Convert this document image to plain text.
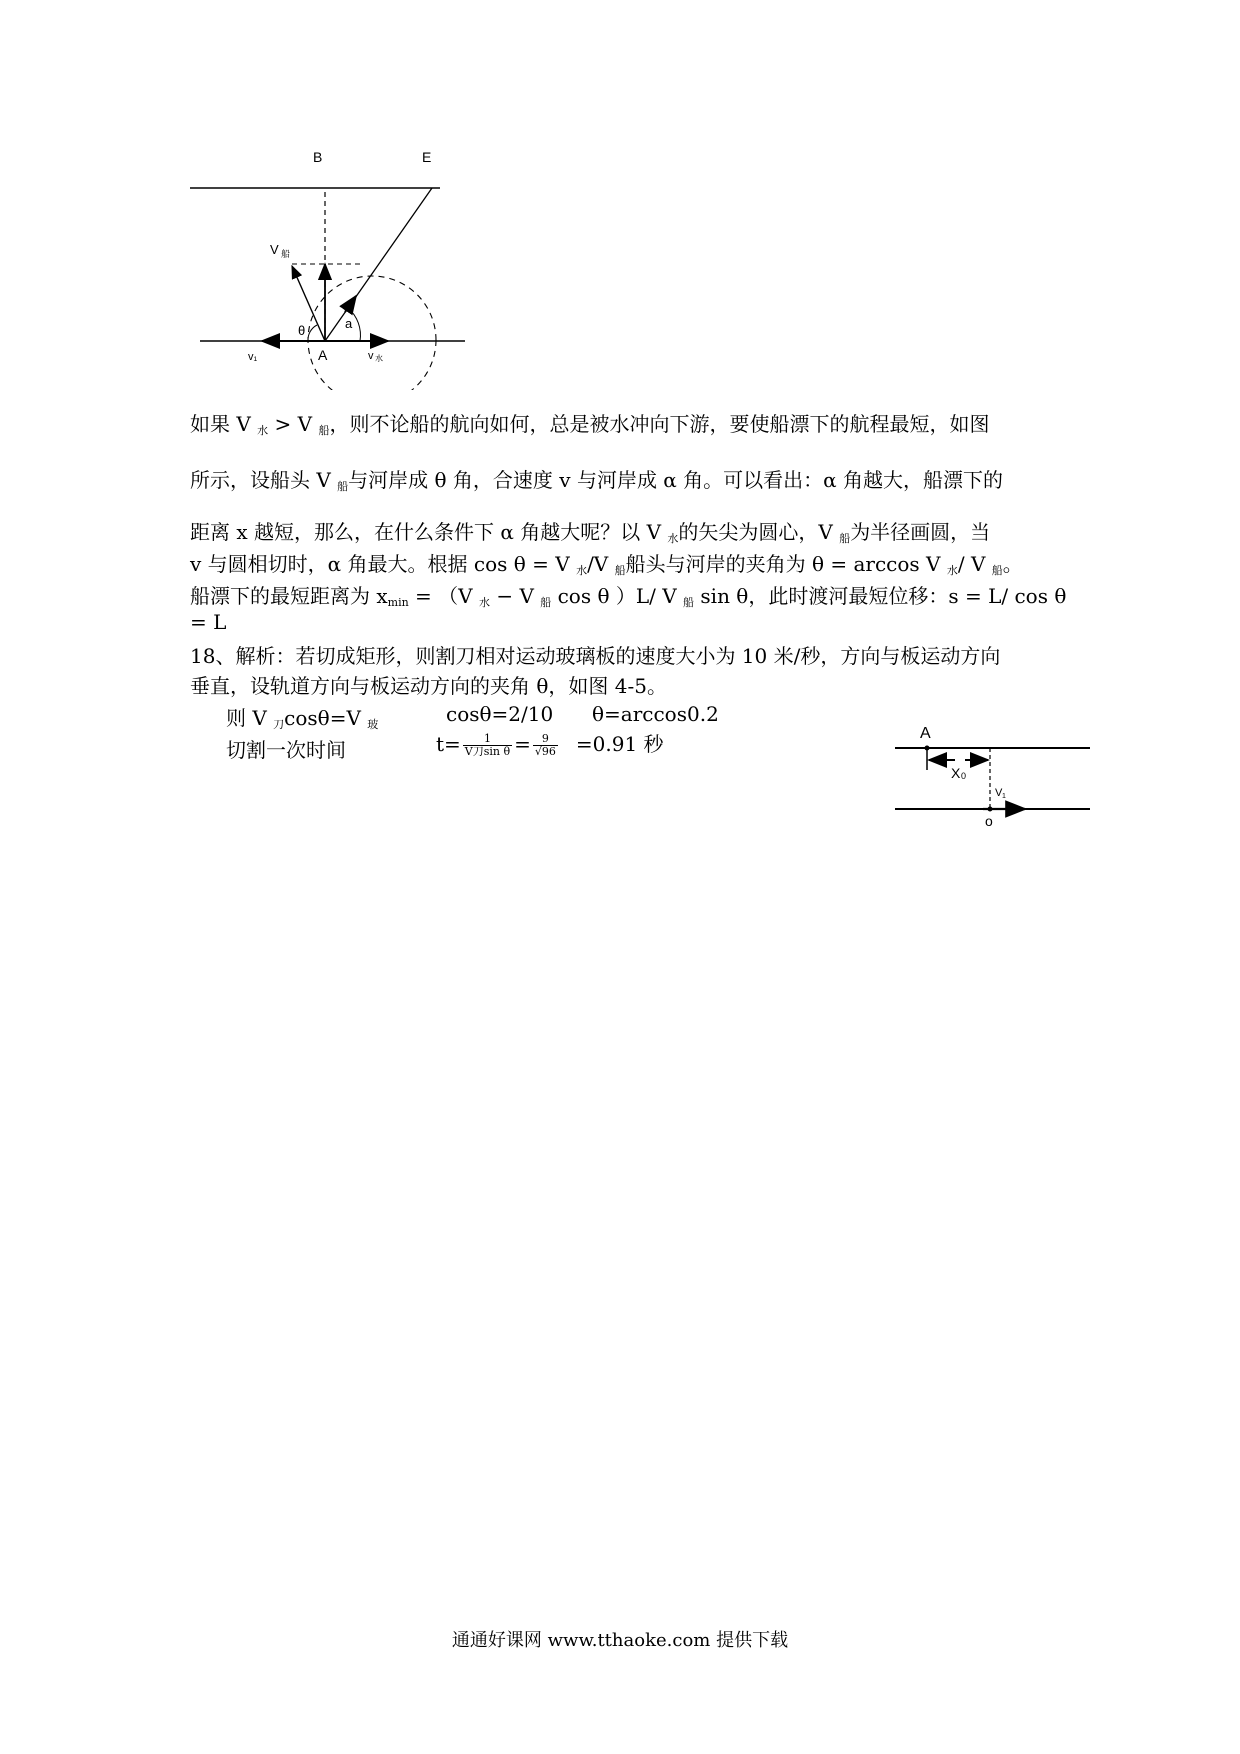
B	E
A
V 船
θ	a
v₁	v 水
如果 V $_水$ > V $_船$，则不论船的航向如何，总是被水冲向下游，要使船漂下的航程最短，如图
所示，设船头 V $_船$与河岸成 θ 角，合速度 v 与河岸成 α 角。可以看出：α 角越大，船漂下的
距离 x 越短，那么，在什么条件下 α 角越大呢？以 V $_水$的矢尖为圆心，V $_船$为半径画圆，当
v 与圆相切时，α 角最大。根据 cos θ = V $_水$/V $_船$船头与河岸的夹角为 θ = arccos V $_水$/ V $_船$。
船漂下的最短距离为 $x_{min} = (V$ $_水$ − V $_船$ cos θ ）L/ V $_船$ sin θ，此时渡河最短位移：s = L/ cos θ
= L
18、解析：若切成矩形，则割刀相对运动玻璃板的速度大小为 10 米/秒，方向与板运动方向
垂直，设轨道方向与板运动方向的夹角 θ，如图 4-5。
则 V $_刀$cosθ=V $_玻$	cosθ=2/10 θ=arccos0.2
切割一次时间	$t= \frac{1}{\text{V刀sin θ}} = \frac{9}{√96} =0.91$ 秒	A
X 0
V 1
o
通通好课网 www.tthaoke.com 提供下载
